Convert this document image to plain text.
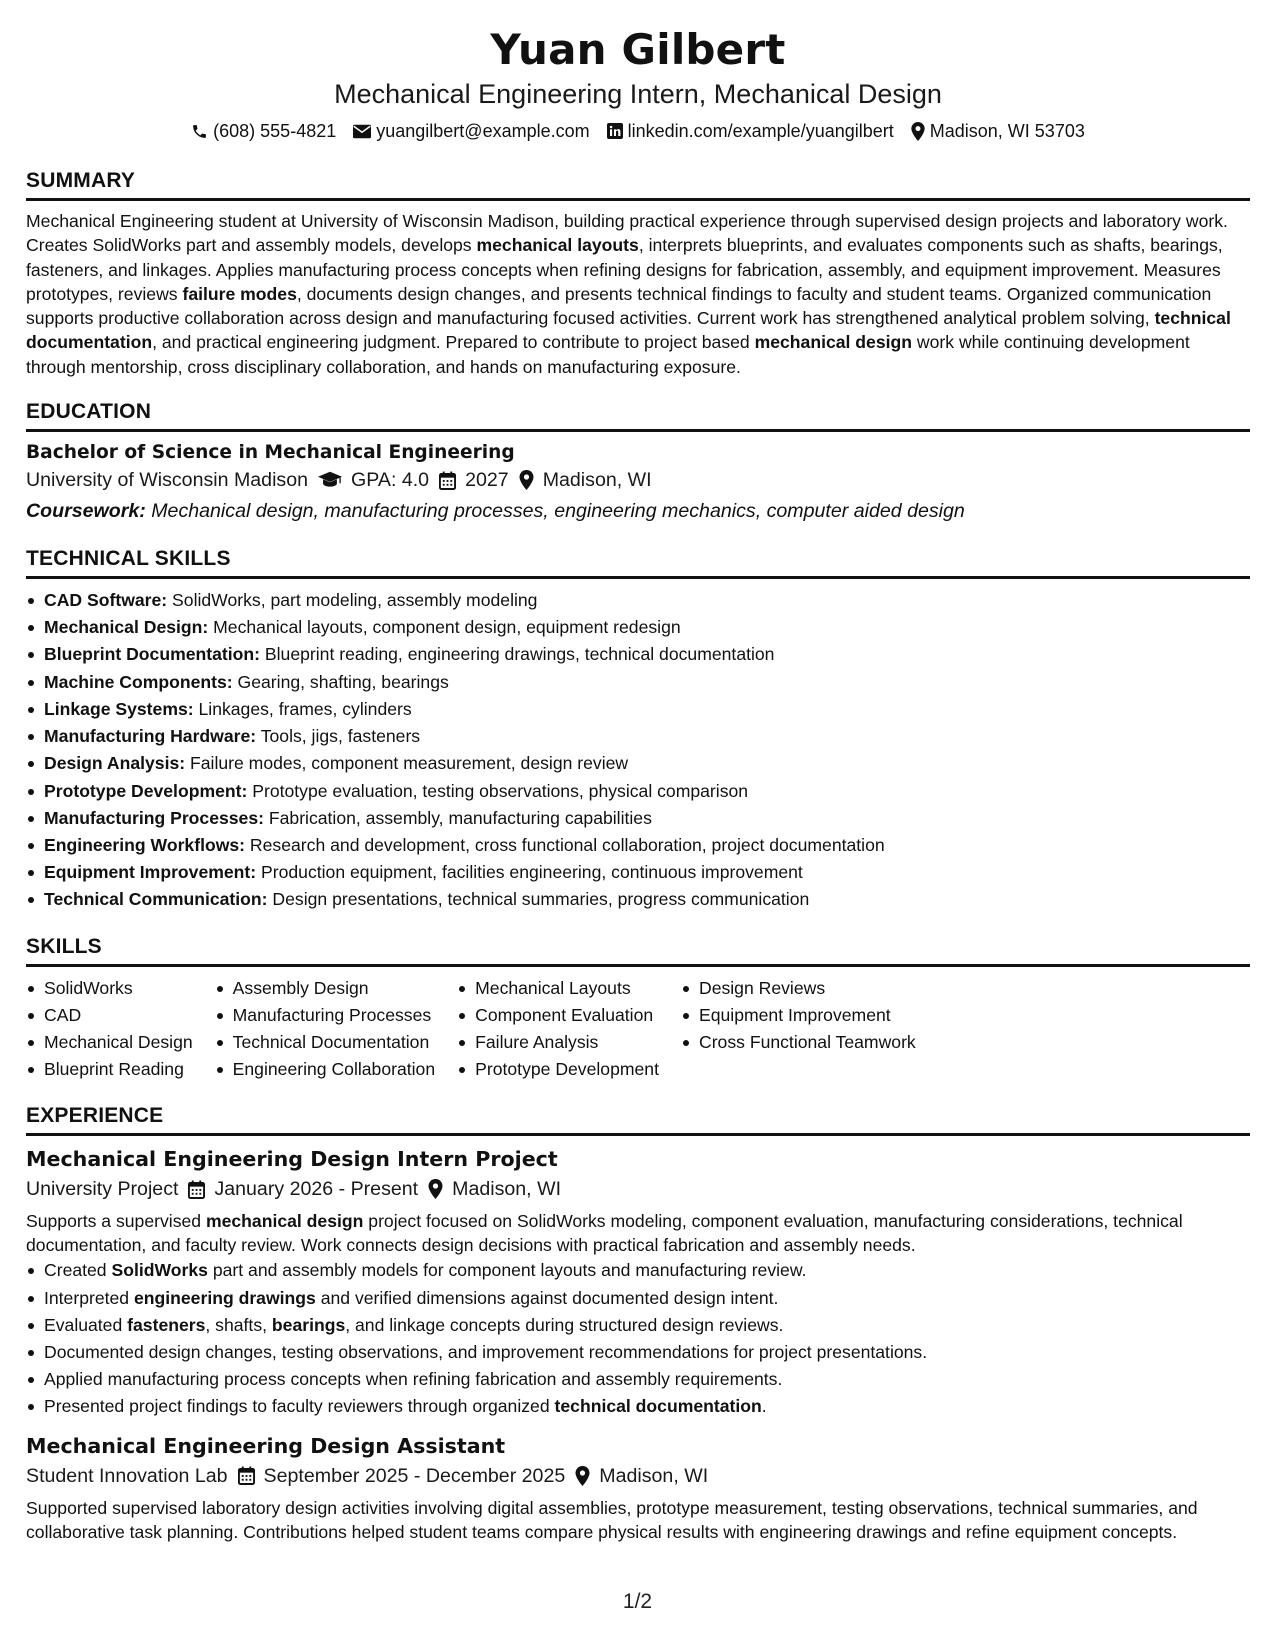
Yuan Gilbert
Mechanical Engineering Intern, Mechanical Design
(608) 555-4821 yuangilbert@example.com linkedin.com/example/yuangilbert Madison, WI 53703
SUMMARY

Mechanical Engineering student at University of Wisconsin Madison, building practical experience through supervised design projects and laboratory work. Creates SolidWorks part and assembly models, develops mechanical layouts, interprets blueprints, and evaluates components such as shafts, bearings, fasteners, and linkages. Applies manufacturing process concepts when refining designs for fabrication, assembly, and equipment improvement. Measures prototypes, reviews failure modes, documents design changes, and presents technical findings to faculty and student teams. Organized communication supports productive collaboration across design and manufacturing focused activities. Current work has strengthened analytical problem solving, technical documentation, and practical engineering judgment. Prepared to contribute to project based mechanical design work while continuing development through mentorship, cross disciplinary collaboration, and hands on manufacturing exposure.

EDUCATION
Bachelor of Science in Mechanical Engineering
University of Wisconsin Madison GPA: 4.0 2027 Madison, WI
Coursework: Mechanical design, manufacturing processes, engineering mechanics, computer aided design
TECHNICAL SKILLS
CAD Software: SolidWorks, part modeling, assembly modeling
Mechanical Design: Mechanical layouts, component design, equipment redesign
Blueprint Documentation: Blueprint reading, engineering drawings, technical documentation
Machine Components: Gearing, shafting, bearings
Linkage Systems: Linkages, frames, cylinders
Manufacturing Hardware: Tools, jigs, fasteners
Design Analysis: Failure modes, component measurement, design review
Prototype Development: Prototype evaluation, testing observations, physical comparison
Manufacturing Processes: Fabrication, assembly, manufacturing capabilities
Engineering Workflows: Research and development, cross functional collaboration, project documentation
Equipment Improvement: Production equipment, facilities engineering, continuous improvement
Technical Communication: Design presentations, technical summaries, progress communication
SKILLS
SolidWorks
CAD
Mechanical Design
Blueprint Reading
Assembly Design
Manufacturing Processes
Technical Documentation
Engineering Collaboration
Mechanical Layouts
Component Evaluation
Failure Analysis
Prototype Development
Design Reviews
Equipment Improvement
Cross Functional Teamwork
EXPERIENCE
Mechanical Engineering Design Intern Project
University Project January 2026 - Present Madison, WI

Supports a supervised mechanical design project focused on SolidWorks modeling, component evaluation, manufacturing considerations, technical documentation, and faculty review. Work connects design decisions with practical fabrication and assembly needs.

Created SolidWorks part and assembly models for component layouts and manufacturing review.
Interpreted engineering drawings and verified dimensions against documented design intent.
Evaluated fasteners, shafts, bearings, and linkage concepts during structured design reviews.
Documented design changes, testing observations, and improvement recommendations for project presentations.
Applied manufacturing process concepts when refining fabrication and assembly requirements.
Presented project findings to faculty reviewers through organized technical documentation.
Mechanical Engineering Design Assistant
Student Innovation Lab September 2025 - December 2025 Madison, WI

Supported supervised laboratory design activities involving digital assemblies, prototype measurement, testing observations, technical summaries, and collaborative task planning. Contributions helped student teams compare physical results with engineering drawings and refine equipment concepts.

1/2
